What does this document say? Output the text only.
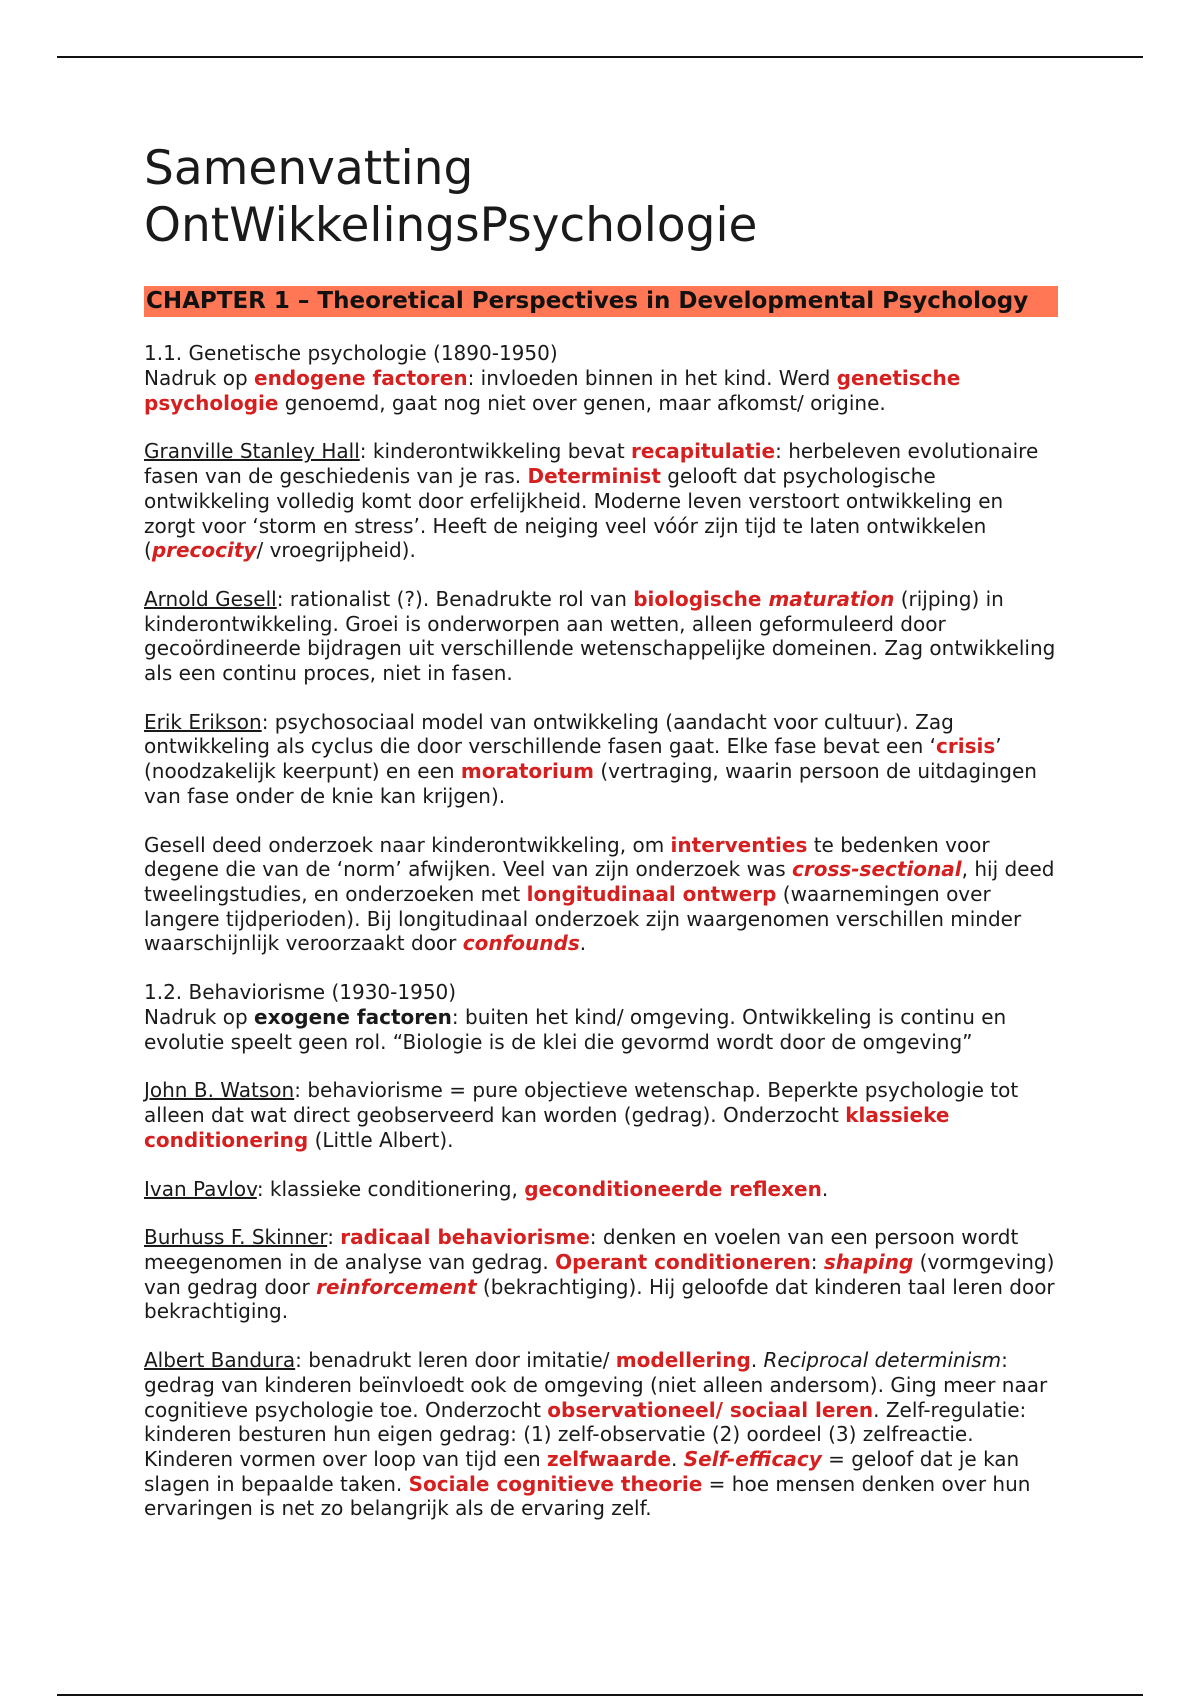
Samenvatting
OntWikkelingsPsychologie
CHAPTER 1 – Theoretical Perspectives in Developmental Psychology
1.1. Genetische psychologie (1890-1950)

Nadruk op endogene factoren: invloeden binnen in het kind. Werd genetische psychologie genoemd, gaat nog niet over genen, maar afkomst/ origine.

Granville Stanley Hall: kinderontwikkeling bevat recapitulatie: herbeleven evolutionaire fasen van de geschiedenis van je ras. Determinist gelooft dat psychologische ontwikkeling volledig komt door erfelijkheid. Moderne leven verstoort ontwikkeling en zorgt voor ‘storm en stress’. Heeft de neiging veel vóór zijn tijd te laten ontwikkelen (precocity/ vroegrijpheid).

Arnold Gesell: rationalist (?). Benadrukte rol van biologische maturation (rijping) in kinderontwikkeling. Groei is onderworpen aan wetten, alleen geformuleerd door gecoördineerde bijdragen uit verschillende wetenschappelijke domeinen. Zag ontwikkeling als een continu proces, niet in fasen.

Erik Erikson: psychosociaal model van ontwikkeling (aandacht voor cultuur). Zag ontwikkeling als cyclus die door verschillende fasen gaat. Elke fase bevat een ‘crisis’ (noodzakelijk keerpunt) en een moratorium (vertraging, waarin persoon de uitdagingen van fase onder de knie kan krijgen).

Gesell deed onderzoek naar kinderontwikkeling, om interventies te bedenken voor degene die van de ‘norm’ afwijken. Veel van zijn onderzoek was cross-sectional, hij deed tweelingstudies, en onderzoeken met longitudinaal ontwerp (waarnemingen over langere tijdperioden). Bij longitudinaal onderzoek zijn waargenomen verschillen minder waarschijnlijk veroorzaakt door confounds.

1.2. Behaviorisme (1930-1950)

Nadruk op exogene factoren: buiten het kind/ omgeving. Ontwikkeling is continu en evolutie speelt geen rol. “Biologie is de klei die gevormd wordt door de omgeving”

John B. Watson: behaviorisme = pure objectieve wetenschap. Beperkte psychologie tot alleen dat wat direct geobserveerd kan worden (gedrag). Onderzocht klassieke conditionering (Little Albert).

Ivan Pavlov: klassieke conditionering, geconditioneerde reflexen.

Burhuss F. Skinner: radicaal behaviorisme: denken en voelen van een persoon wordt meegenomen in de analyse van gedrag. Operant conditioneren: shaping (vormgeving) van gedrag door reinforcement (bekrachtiging). Hij geloofde dat kinderen taal leren door bekrachtiging.

Albert Bandura: benadrukt leren door imitatie/ modellering. Reciprocal determinism: gedrag van kinderen beïnvloedt ook de omgeving (niet alleen andersom). Ging meer naar cognitieve psychologie toe. Onderzocht observationeel/ sociaal leren. Zelf-regulatie: kinderen besturen hun eigen gedrag: (1) zelf-observatie (2) oordeel (3) zelfreactie. Kinderen vormen over loop van tijd een zelfwaarde. Self-efficacy = geloof dat je kan slagen in bepaalde taken. Sociale cognitieve theorie = hoe mensen denken over hun ervaringen is net zo belangrijk als de ervaring zelf.
